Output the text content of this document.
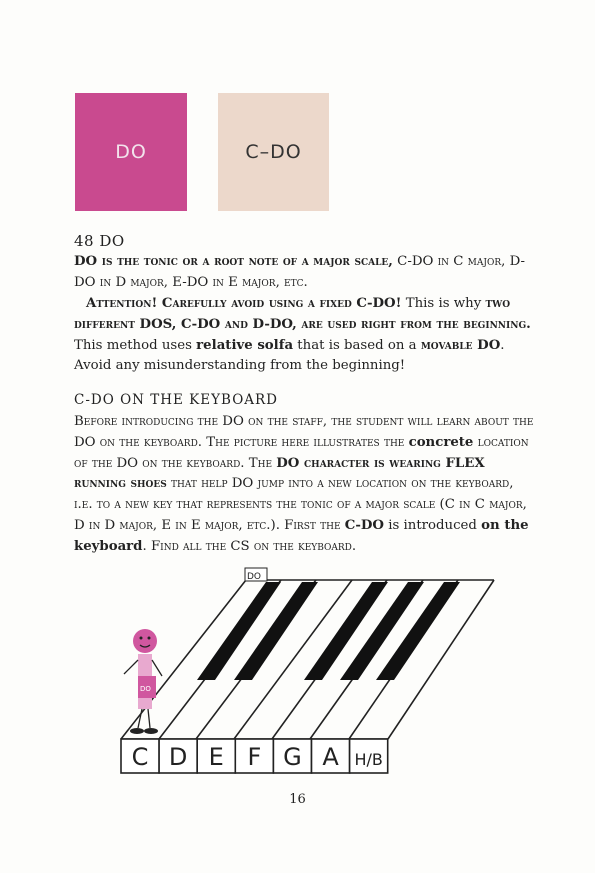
DO	C–DO
48 DO
DO is the tonic or a root note of a major scale, C-DO in C major, D-DO in D major, E-DO in E major, etc.
Attention! Carefully avoid using a fixed C-DO! This is why two different DOS, C-DO and D-DO, are used right from the beginning. This method uses relative solfa that is based on a movable DO. Avoid any misunderstanding from the beginning!
C-DO ON THE KEYBOARD
Before introducing the DO on the staff, the student will learn about the DO on the keyboard. The picture here illustrates the concrete location of the DO on the keyboard. The DO character is wearing FLEX running shoes that help DO jump into a new location on the keyboard, i.e. to a new key that represents the tonic of a major scale (C in C major, D in D major, E in E major, etc.). First the C-DO is introduced on the keyboard. Find all the CS on the keyboard.
DO
C D E F G A H/B
DO
16
